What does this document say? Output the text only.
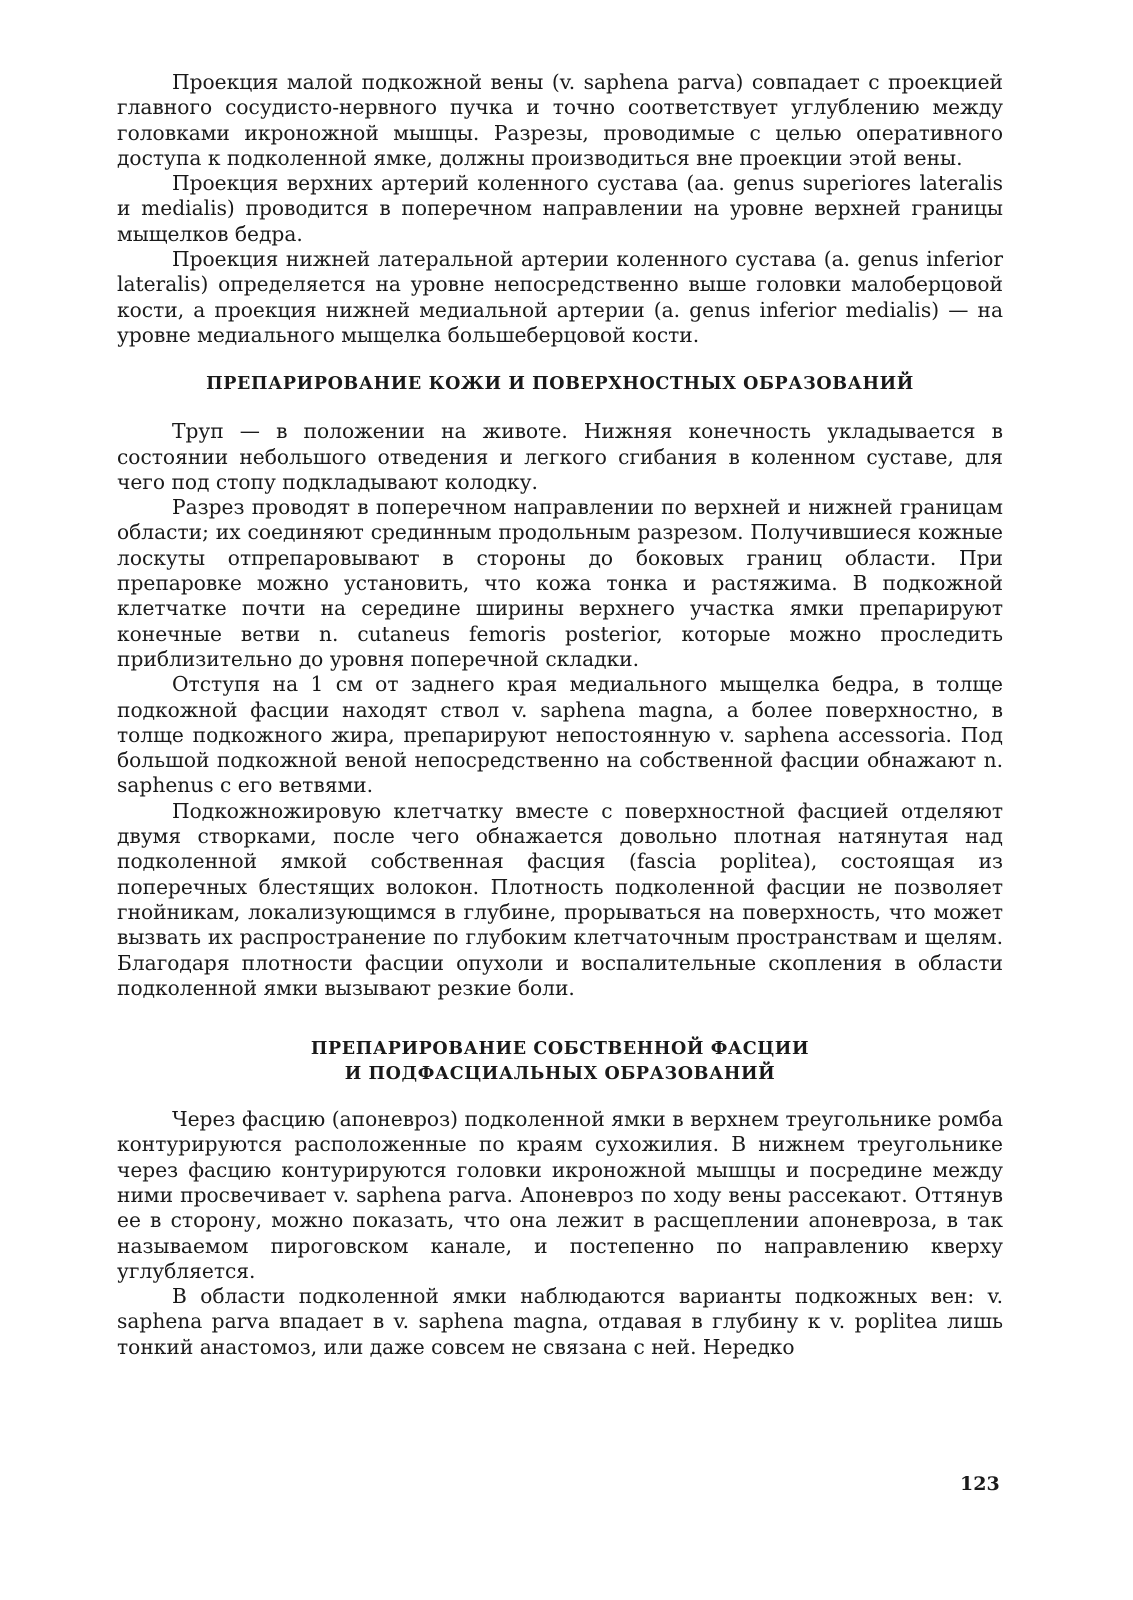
Проекция малой подкожной вены (v. saphena parva) совпадает с проекцией главного сосудисто-нервного пучка и точно соответствует углублению между головками икроножной мышцы. Разрезы, проводимые с целью оперативного доступа к подколенной ямке, должны производиться вне проекции этой вены.

Проекция верхних артерий коленного сустава (aa. genus superiores lateralis и medialis) проводится в поперечном направлении на уровне верхней границы мыщелков бедра.

Проекция нижней латеральной артерии коленного сустава (a. genus inferior lateralis) определяется на уровне непосредственно выше головки малоберцовой кости, а проекция нижней медиальной артерии (a. genus inferior medialis) — на уровне медиального мыщелка большеберцовой кости.

ПРЕПАРИРОВАНИЕ КОЖИ И ПОВЕРХНОСТНЫХ ОБРАЗОВАНИЙ

Труп — в положении на животе. Нижняя конечность укладывается в состоянии небольшого отведения и легкого сгибания в коленном суставе, для чего под стопу подкладывают колодку.

Разрез проводят в поперечном направлении по верхней и нижней границам области; их соединяют срединным продольным разрезом. Получившиеся кожные лоскуты отпрепаровывают в стороны до боковых границ области. При препаровке можно установить, что кожа тонка и растяжима. В подкожной клетчатке почти на середине ширины верхнего участка ямки препарируют конечные ветви n. cutaneus femoris posterior, которые можно проследить приблизительно до уровня поперечной складки.

Отступя на 1 см от заднего края медиального мыщелка бедра, в толще подкожной фасции находят ствол v. saphena magna, а более поверхностно, в толще подкожного жира, препарируют непостоянную v. saphena accessoria. Под большой подкожной веной непосредственно на собственной фасции обнажают n. saphenus с его ветвями.

Подкожножировую клетчатку вместе с поверхностной фасцией отделяют двумя створками, после чего обнажается довольно плотная натянутая над подколенной ямкой собственная фасция (fascia poplitea), состоящая из поперечных блестящих волокон. Плотность подколенной фасции не позволяет гнойникам, локализующимся в глубине, прорываться на поверхность, что может вызвать их распространение по глубоким клетчаточным пространствам и щелям. Благодаря плотности фасции опухоли и воспалительные скопления в области подколенной ямки вызывают резкие боли.

ПРЕПАРИРОВАНИЕ СОБСТВЕННОЙ ФАСЦИИ
И ПОДФАСЦИАЛЬНЫХ ОБРАЗОВАНИЙ

Через фасцию (апоневроз) подколенной ямки в верхнем треугольнике ромба контурируются расположенные по краям сухожилия. В нижнем треугольнике через фасцию контурируются головки икроножной мышцы и посредине между ними просвечивает v. saphena parva. Апоневроз по ходу вены рассекают. Оттянув ее в сторону, можно показать, что она лежит в расщеплении апоневроза, в так называемом пироговском канале, и постепенно по направлению кверху углубляется.

В области подколенной ямки наблюдаются варианты подкожных вен: v. saphena parva впадает в v. saphena magna, отдавая в глубину к v. poplitea лишь тонкий анастомоз, или даже совсем не связана с ней. Нередко

123
